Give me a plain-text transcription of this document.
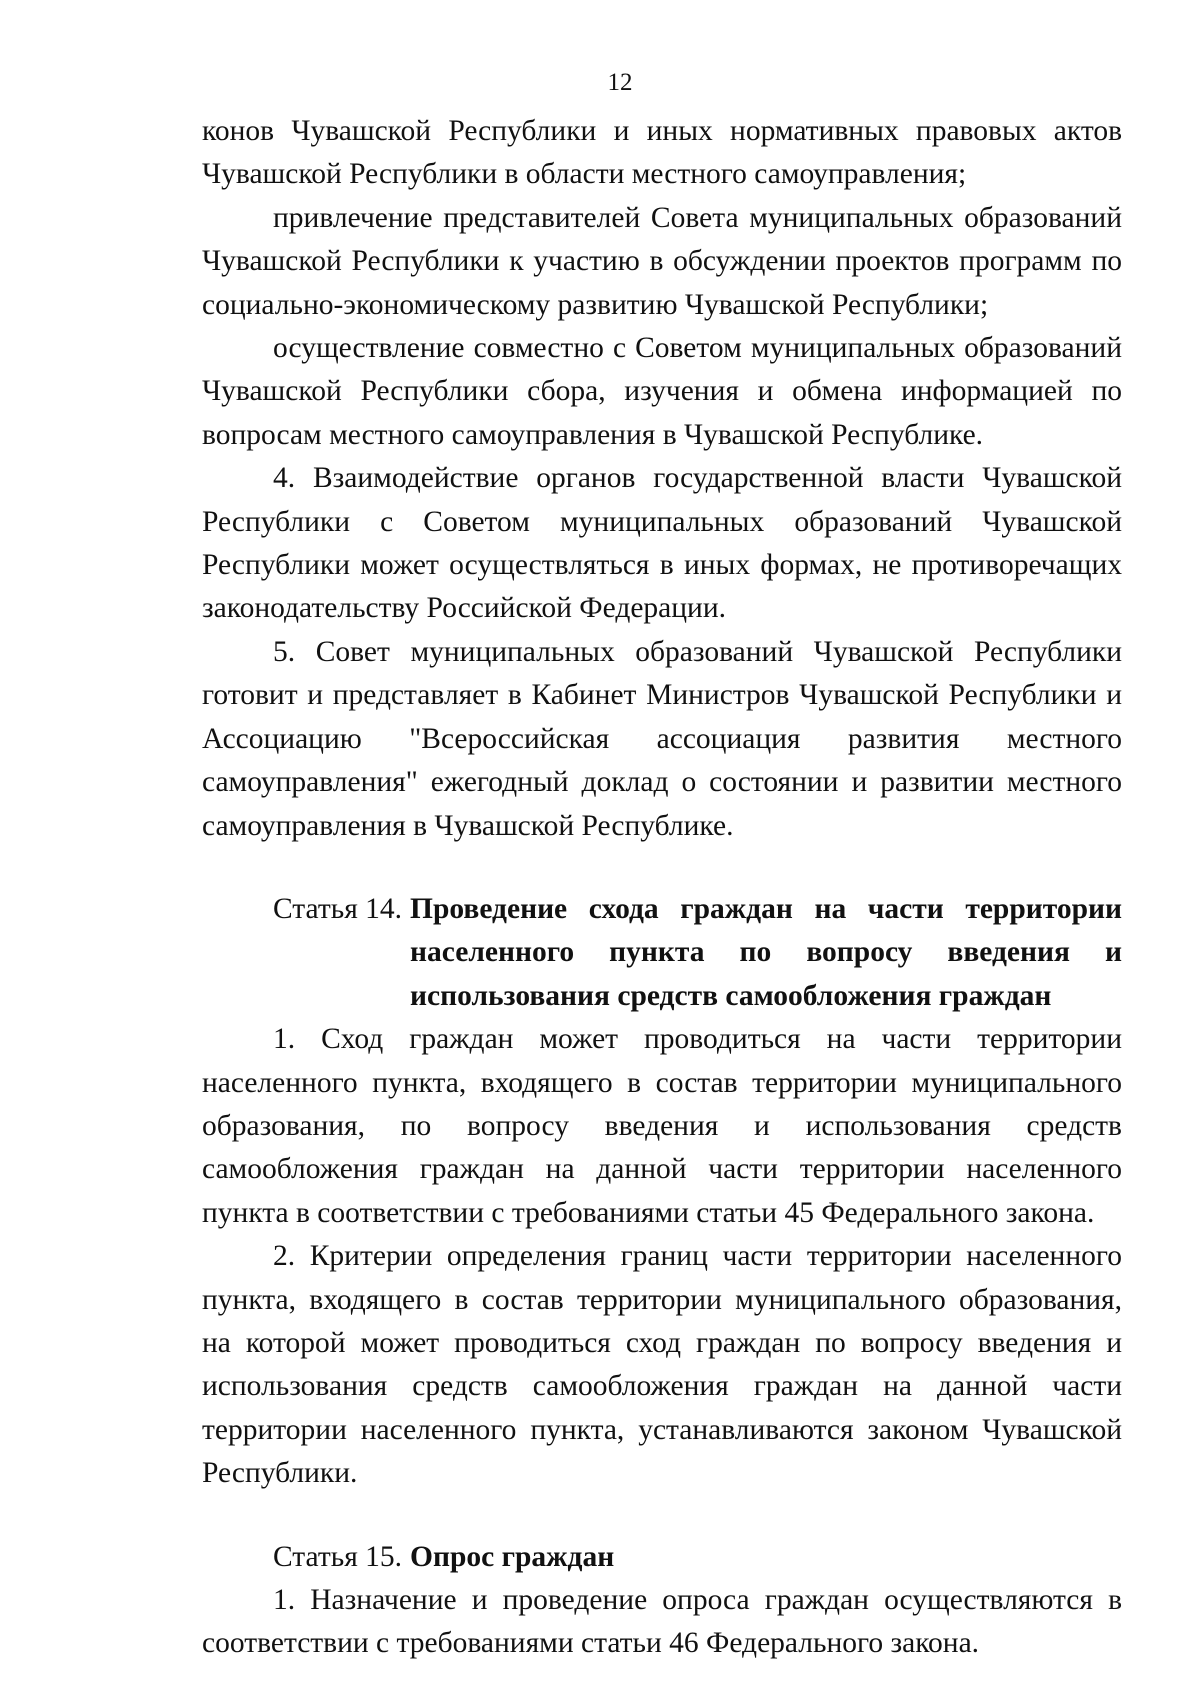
12

конов Чувашской Республики и иных нормативных правовых актов Чувашской Республики в области местного самоуправления;

привлечение представителей Совета муниципальных образований Чувашской Республики к участию в обсуждении проектов программ по социально-экономическому развитию Чувашской Республики;

осуществление совместно с Советом муниципальных образований Чувашской Республики сбора, изучения и обмена информацией по вопросам местного самоуправления в Чувашской Республике.

4. Взаимодействие органов государственной власти Чувашской Республики с Советом муниципальных образований Чувашской Республики может осуществляться в иных формах, не противоречащих законодательству Российской Федерации.

5. Совет муниципальных образований Чувашской Республики готовит и представляет в Кабинет Министров Чувашской Республики и Ассоциацию "Всероссийская ассоциация развития местного самоуправления" ежегодный доклад о состоянии и развитии местного самоуправления в Чувашской Республике.

Статья 14. Проведение схода граждан на части территории населенного пункта по вопросу введения и использования средств самообложения граждан

1. Сход граждан может проводиться на части территории населенного пункта, входящего в состав территории муниципального образования, по вопросу введения и использования средств самообложения граждан на данной части территории населенного пункта в соответствии с требованиями статьи 45 Федерального закона.

2. Критерии определения границ части территории населенного пункта, входящего в состав территории муниципального образования, на которой может проводиться сход граждан по вопросу введения и использования средств самообложения граждан на данной части территории населенного пункта, устанавливаются законом Чувашской Республики.

Статья 15. Опрос граждан

1. Назначение и проведение опроса граждан осуществляются в соответствии с требованиями статьи 46 Федерального закона.
